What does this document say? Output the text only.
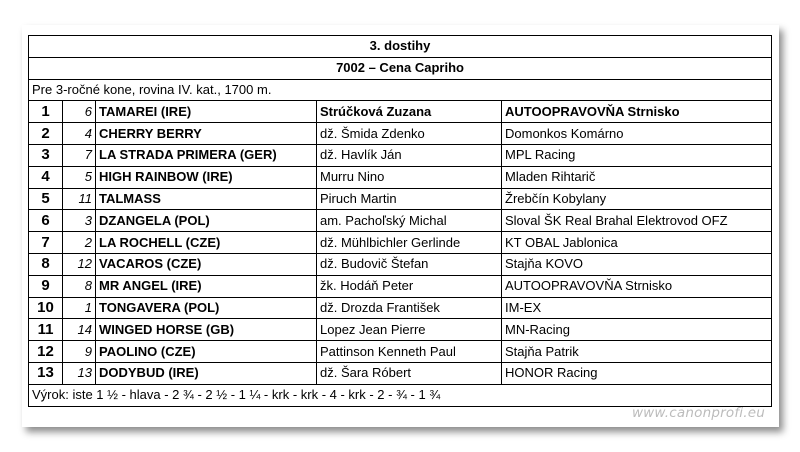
3. dostihy				
7002 – Cena Capriho				
Pre 3-ročné kone, rovina IV. kat., 1700 m.				
1	6	TAMAREI (IRE)	Strúčková Zuzana	AUTOOPRAVOVŇA Strnisko
2	4	CHERRY BERRY	dž. Šmida Zdenko	Domonkos Komárno
3	7	LA STRADA PRIMERA (GER)	dž. Havlík Ján	MPL Racing
4	5	HIGH RAINBOW (IRE)	Murru Nino	Mladen Rihtarič
5	11	TALMASS	Piruch Martin	Žrebčín Kobylany
6	3	DZANGELA (POL)	am. Pachoľský Michal	Sloval ŠK Real Brahal Elektrovod OFZ
7	2	LA ROCHELL (CZE)	dž. Mühlbichler Gerlinde	KT OBAL Jablonica
8	12	VACAROS (CZE)	dž. Budovič Štefan	Stajňa KOVO
9	8	MR ANGEL (IRE)	žk. Hodáň Peter	AUTOOPRAVOVŇA Strnisko
10	1	TONGAVERA (POL)	dž. Drozda František	IM-EX
11	14	WINGED HORSE (GB)	Lopez Jean Pierre	MN-Racing
12	9	PAOLINO (CZE)	Pattinson Kenneth Paul	Stajňa Patrik
13	13	DODYBUD (IRE)	dž. Šara Róbert	HONOR Racing
Výrok: iste 1 ½ - hlava - 2 ¾ - 2 ½ - 1 ¼ - krk - krk - 4 - krk - 2 - ¾ - 1 ¾				
www.canonprofi.eu
